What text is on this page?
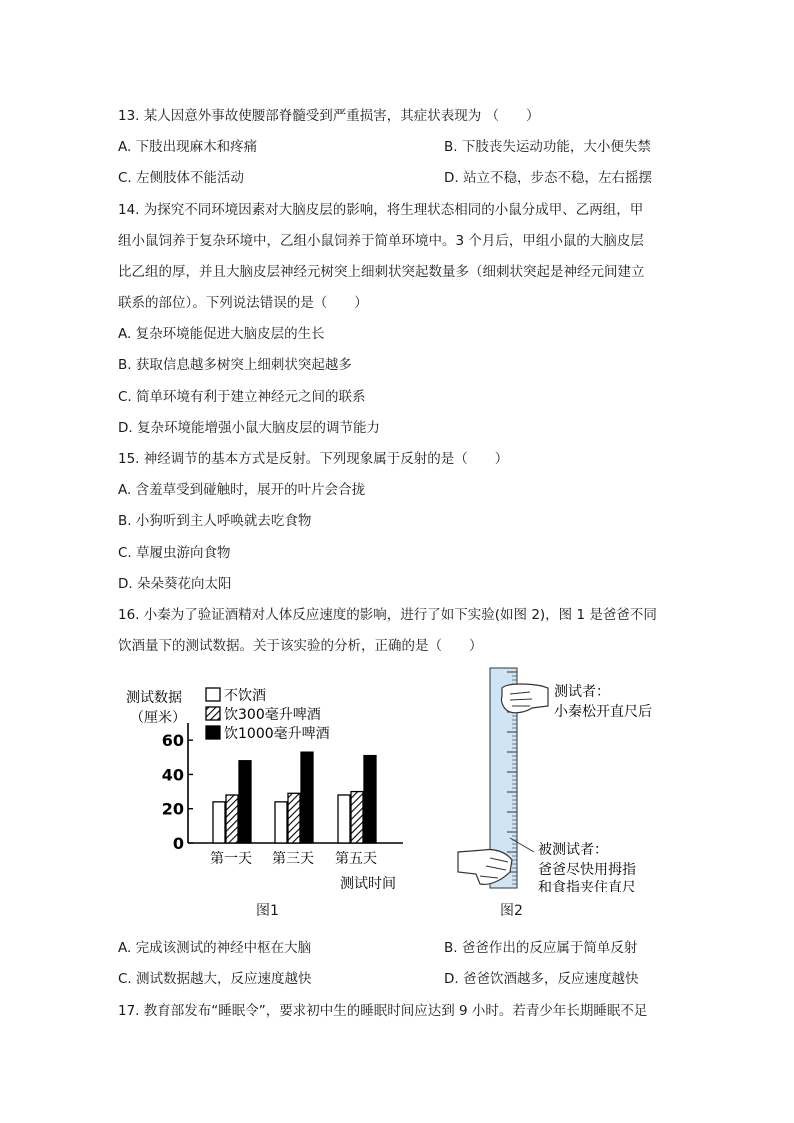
13. 某人因意外事故使腰部脊髓受到严重损害，其症状表现为 （　　）
A. 下肢出现麻木和疼痛	B. 下肢丧失运动功能，大小便失禁
C. 左侧肢体不能活动	D. 站立不稳，步态不稳，左右摇摆
14. 为探究不同环境因素对大脑皮层的影响，将生理状态相同的小鼠分成甲、乙两组，甲
组小鼠饲养于复杂环境中，乙组小鼠饲养于简单环境中。3 个月后，甲组小鼠的大脑皮层
比乙组的厚，并且大脑皮层神经元树突上细刺状突起数量多（细刺状突起是神经元间建立
联系的部位）。下列说法错误的是（　　）
A. 复杂环境能促进大脑皮层的生长
B. 获取信息越多树突上细刺状突起越多
C. 简单环境有利于建立神经元之间的联系
D. 复杂环境能增强小鼠大脑皮层的调节能力
15. 神经调节的基本方式是反射。下列现象属于反射的是（　　）
A. 含羞草受到碰触时，展开的叶片会合拢
B. 小狗听到主人呼唤就去吃食物
C. 草履虫游向食物
D. 朵朵葵花向太阳
16. 小秦为了验证酒精对人体反应速度的影响，进行了如下实验(如图 2)，图 1 是爸爸不同
饮酒量下的测试数据。关于该实验的分析，正确的是（　　）
测试数据
（厘米）
不饮酒
饮300毫升啤酒
饮1000毫升啤酒
0
20
40
60
第一天 第三天 第五天
测试时间
图1
测试者：
小秦松开直尺后
被测试者：
爸爸尽快用拇指
和食指夹住直尺
图2
A. 完成该测试的神经中枢在大脑	B. 爸爸作出的反应属于简单反射
C. 测试数据越大，反应速度越快	D. 爸爸饮酒越多，反应速度越快
17. 教育部发布“睡眠令”，要求初中生的睡眠时间应达到 9 小时。若青少年长期睡眠不足
